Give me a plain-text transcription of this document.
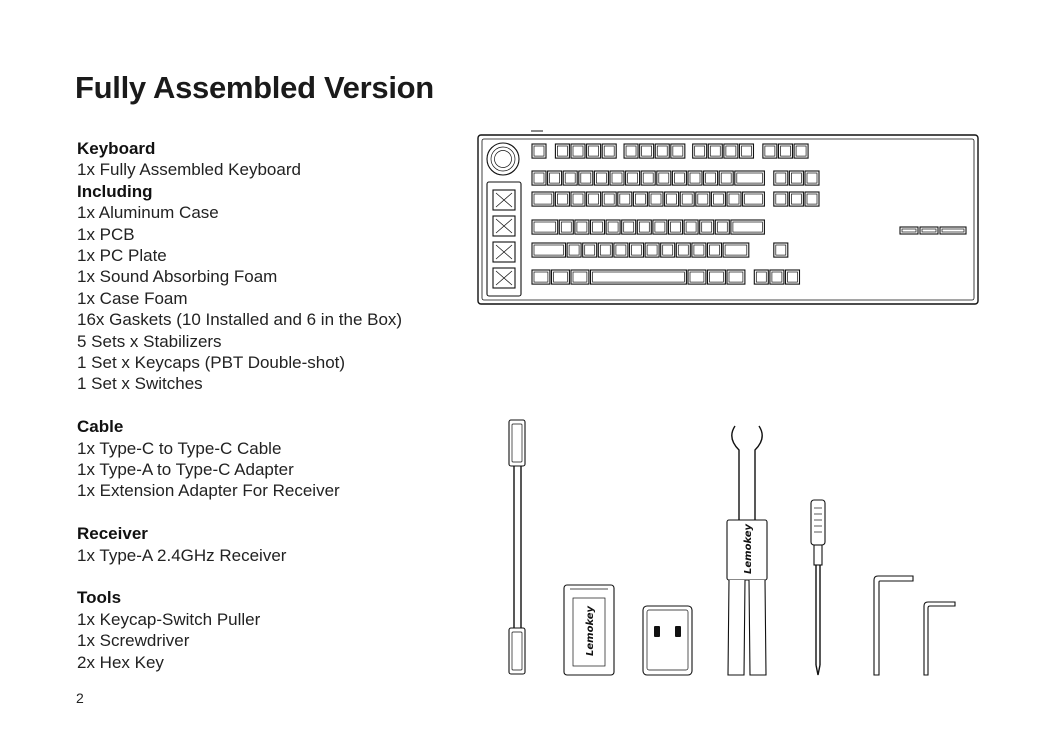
Fully Assembled Version
Keyboard
1x Fully Assembled Keyboard
Including
1x Aluminum Case
1x PCB
1x PC Plate
1x Sound Absorbing Foam
1x Case Foam
16x Gaskets (10 Installed and 6 in the Box)
5 Sets x Stabilizers
1 Set x Keycaps (PBT Double-shot)
1 Set x Switches
Cable
1x Type-C to Type-C Cable
1x Type-A to Type-C Adapter
1x Extension Adapter For Receiver
Receiver
1x Type-A 2.4GHz Receiver
Tools
1x Keycap-Switch Puller
1x Screwdriver
2x Hex Key
2
Lemokey
Lemokey
